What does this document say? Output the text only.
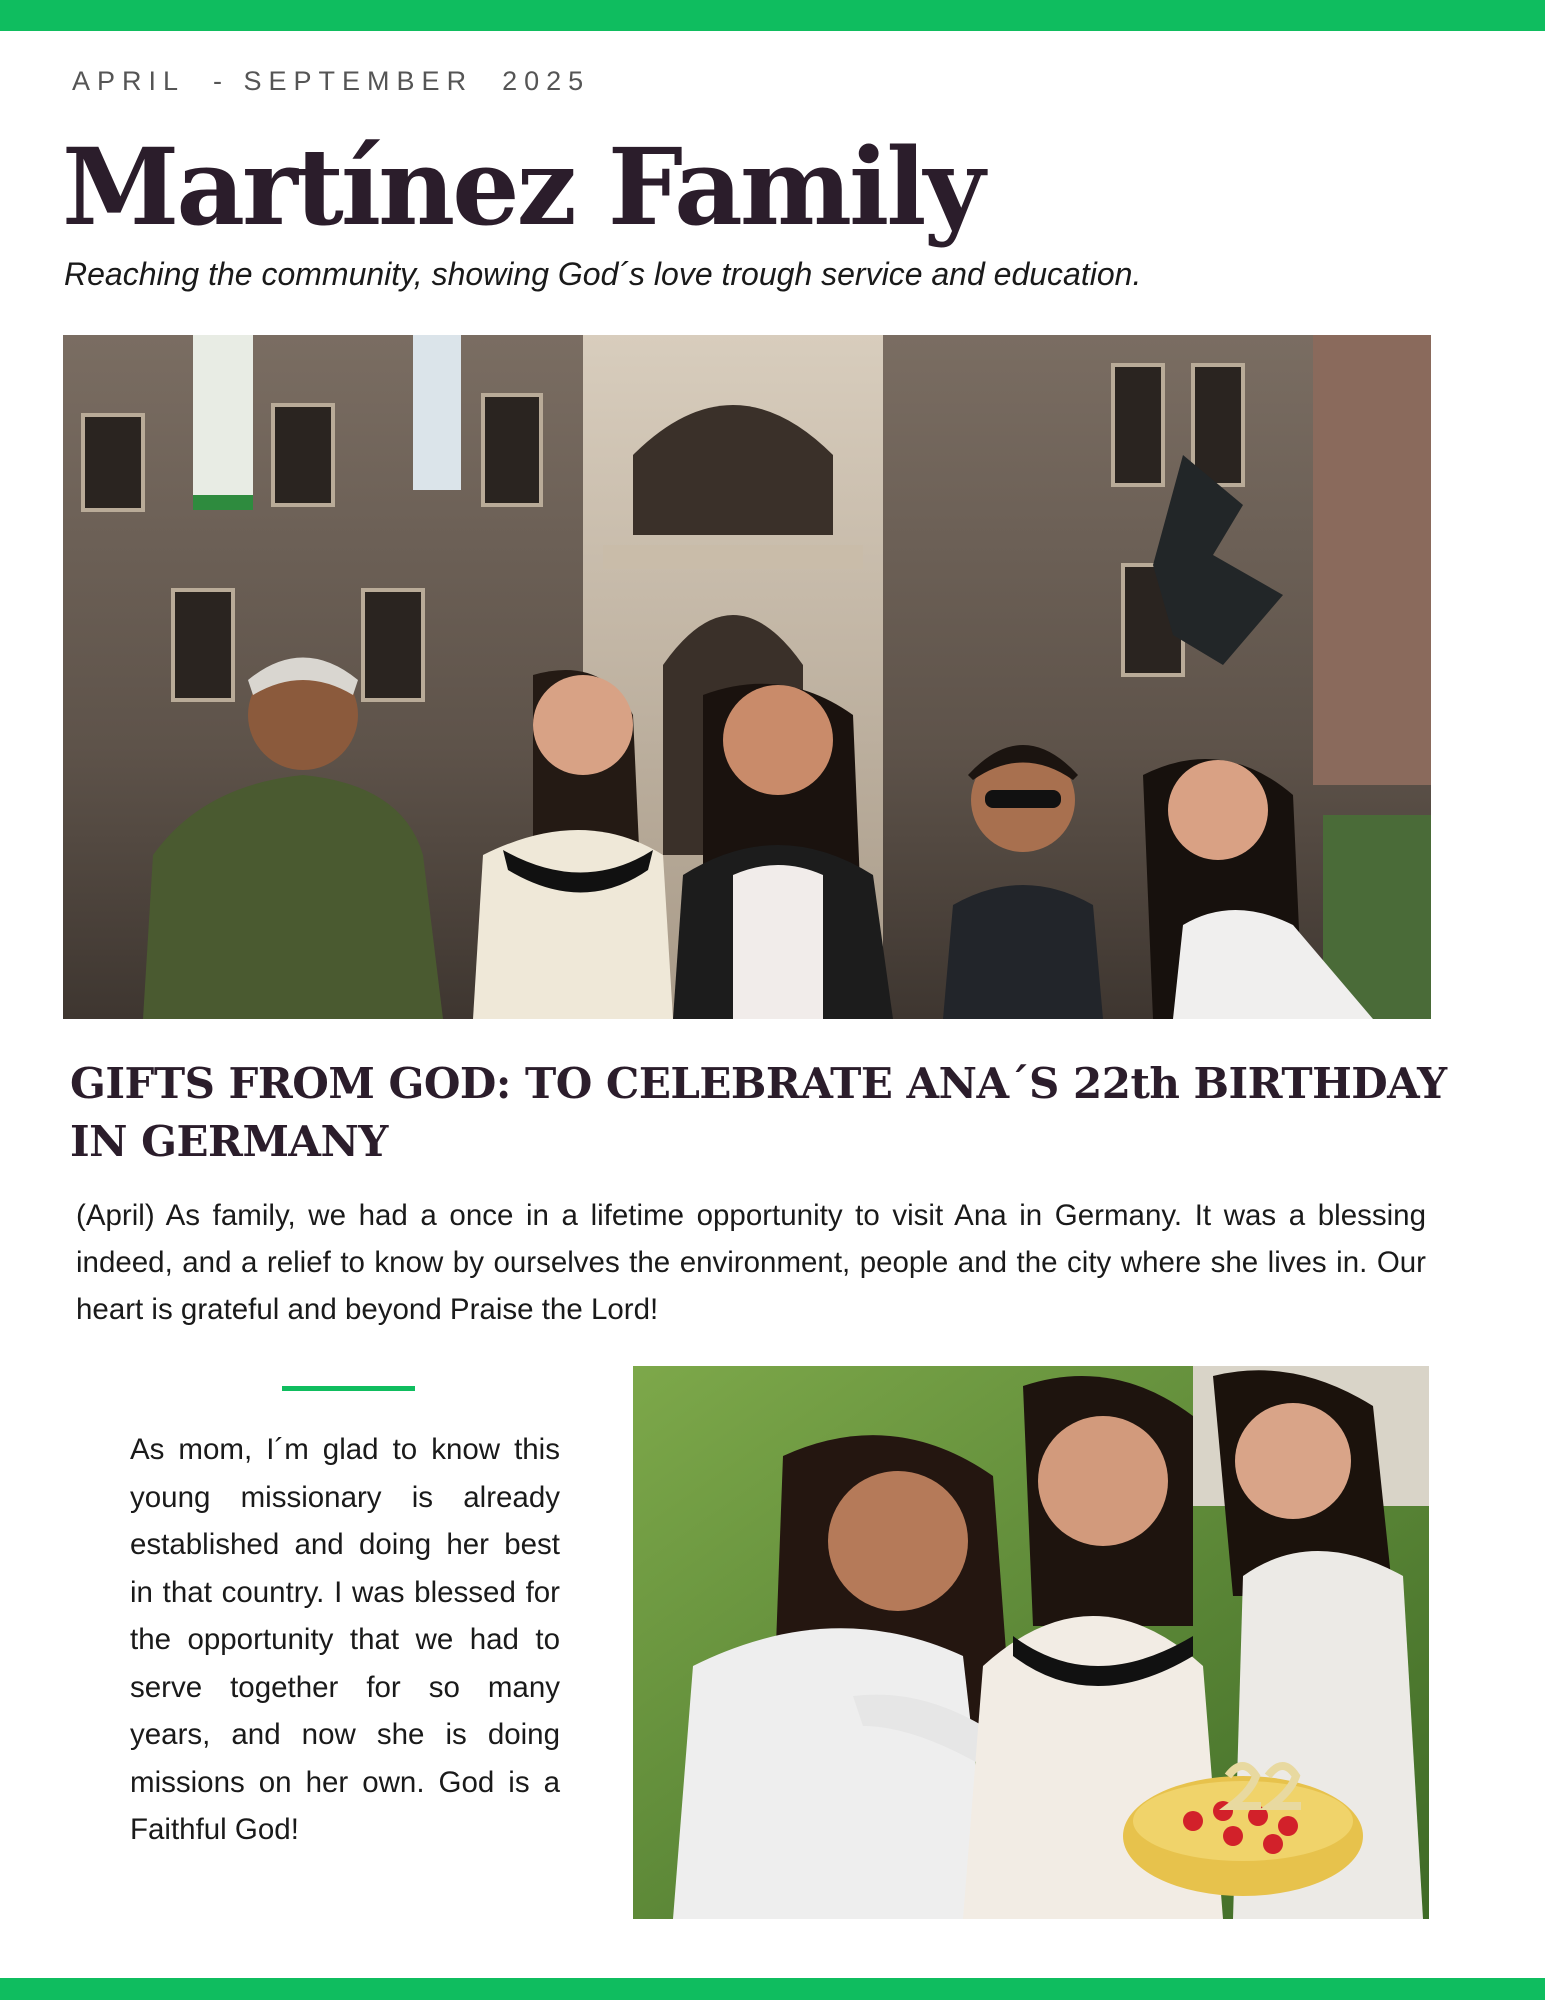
APRIL  - SEPTEMBER  2025
Martínez Family
Reaching the community, showing God´s love trough service and education.
GIFTS FROM GOD: TO CELEBRATE ANA´S 22th BIRTHDAY IN GERMANY
(April) As family, we had a once in a lifetime opportunity to visit Ana in Germany. It was a blessing indeed, and a relief to know by ourselves the environment, people and the city where she lives in. Our heart is grateful and beyond Praise the Lord!
As mom, I´m glad to know this young missionary is already established and doing her best in that country. I was blessed for the opportunity that we had to serve together for so many years, and now she is doing missions on her own. God is a Faithful God!
